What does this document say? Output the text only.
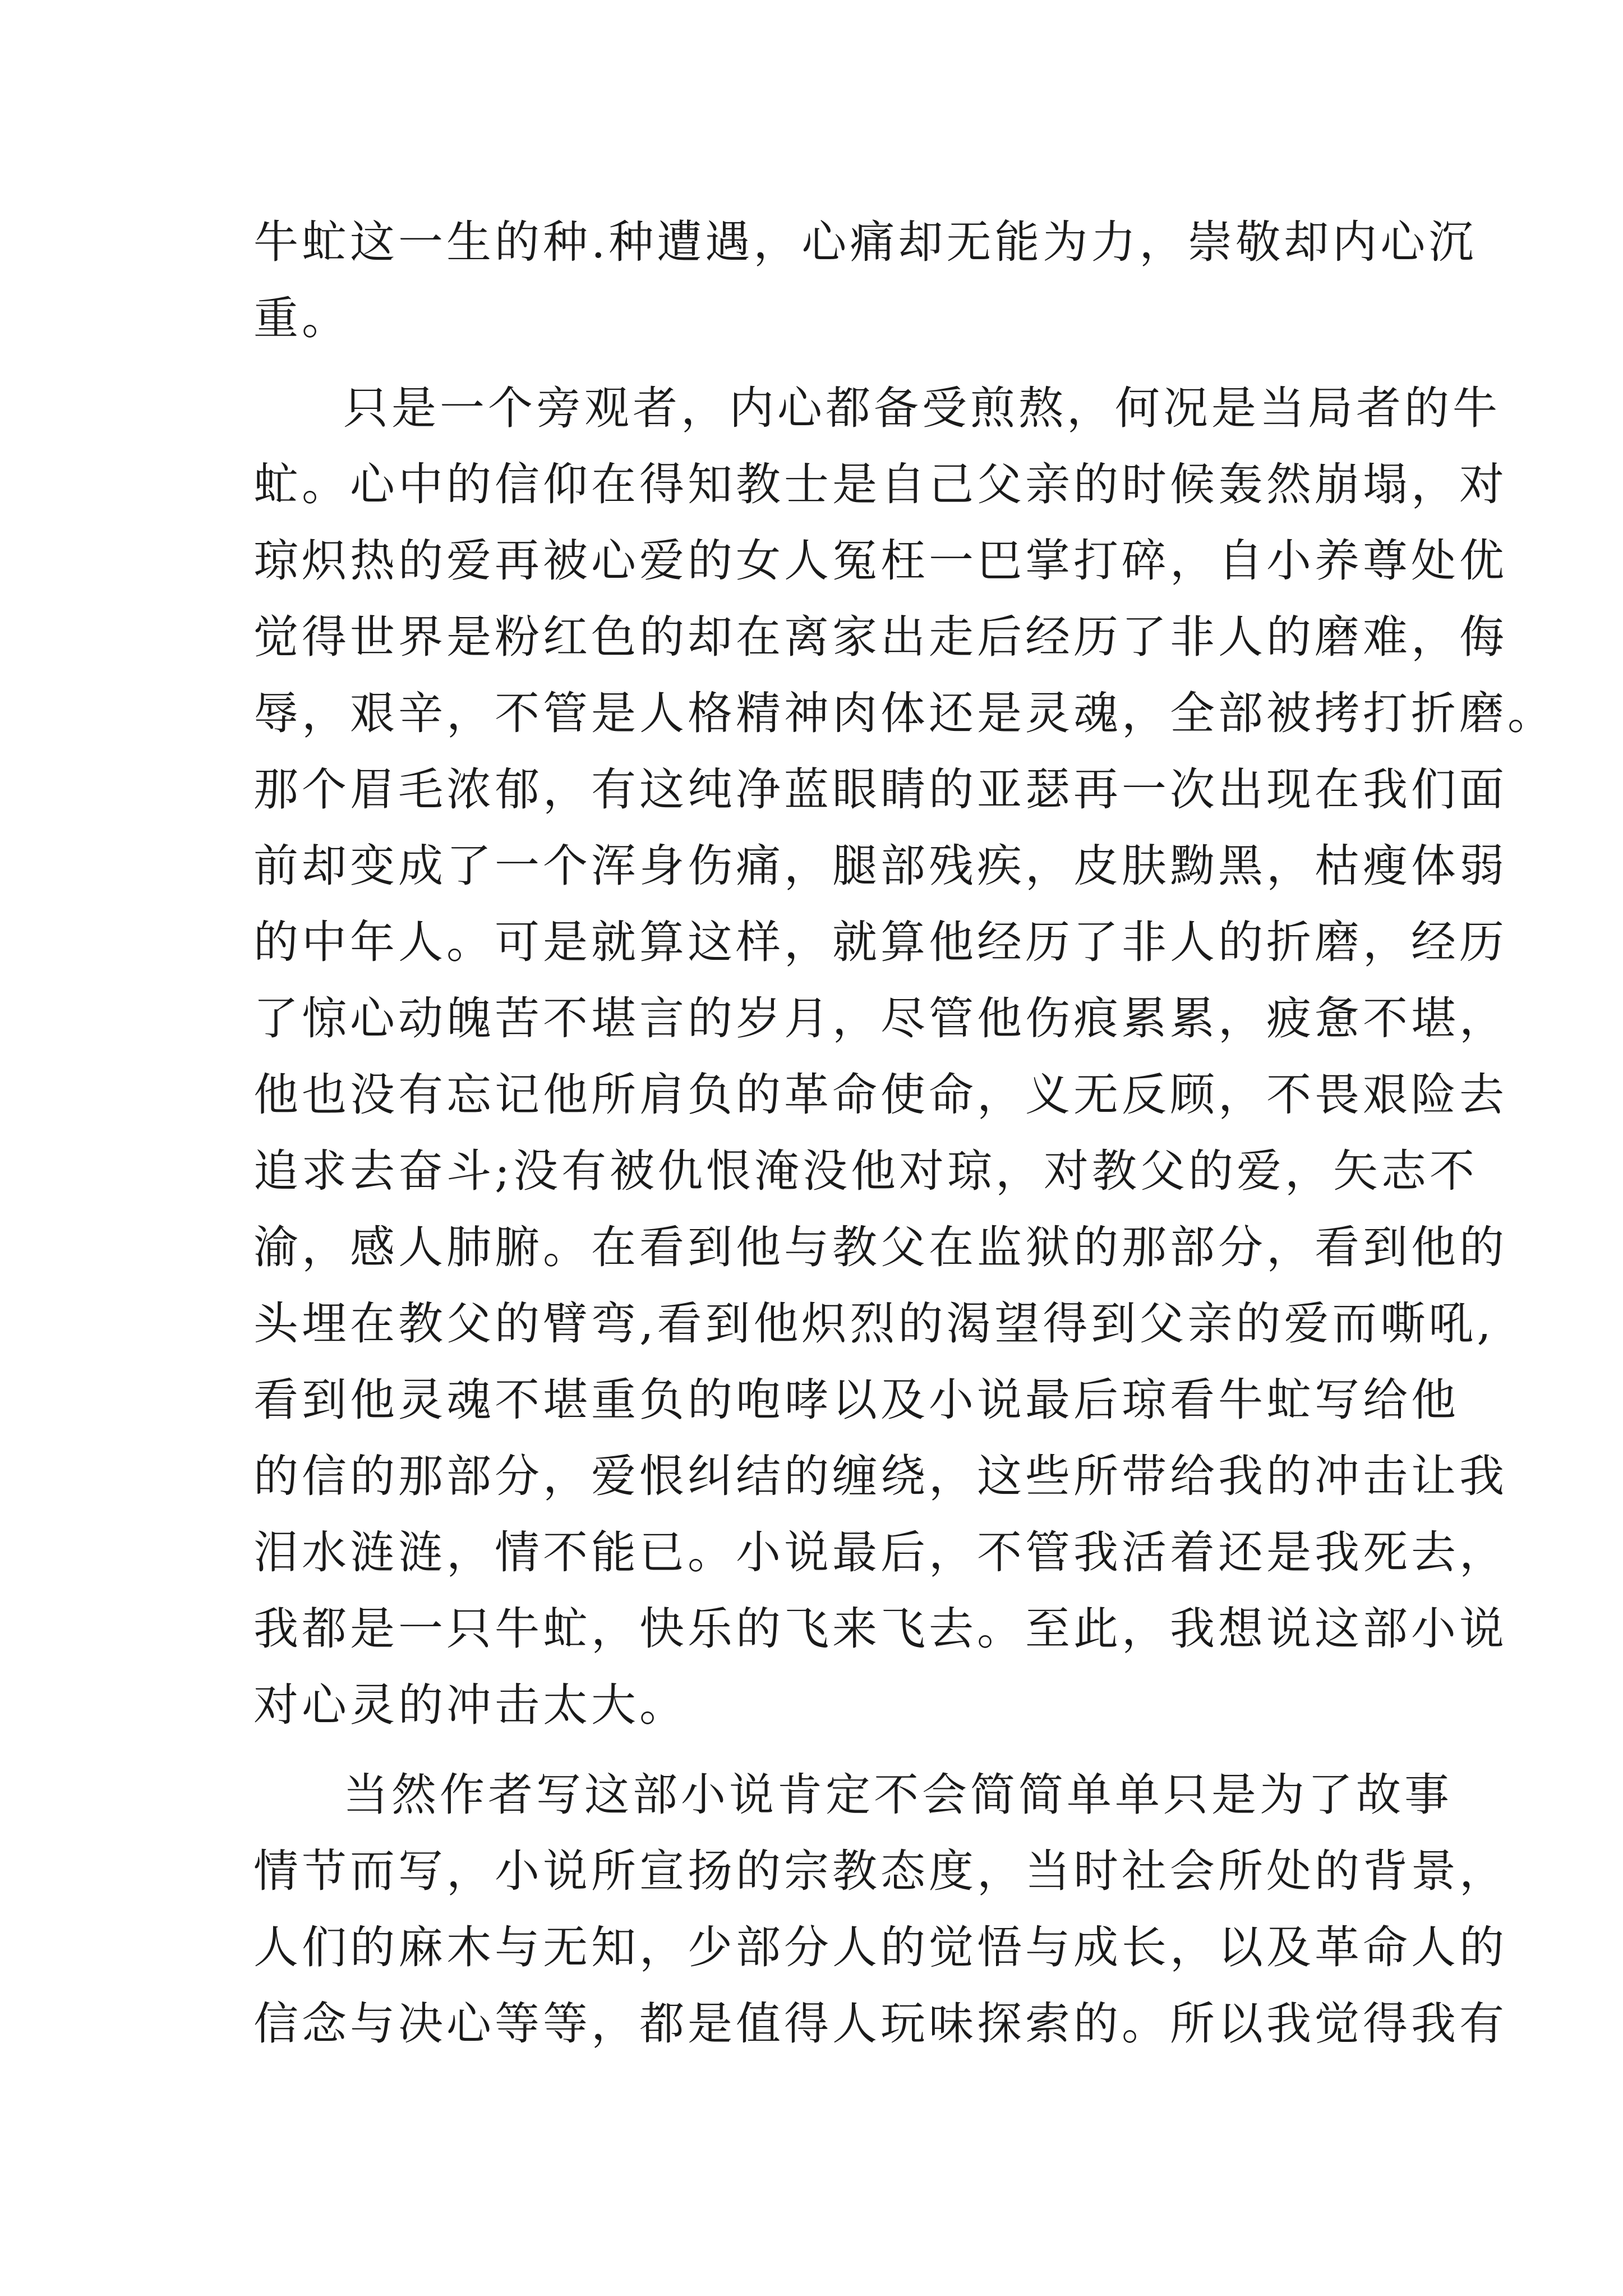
牛虻这一生的种.种遭遇，心痛却无能为力，崇敬却内心沉
重。
只是一个旁观者，内心都备受煎熬，何况是当局者的牛
虻。心中的信仰在得知教士是自己父亲的时候轰然崩塌，对
琼炽热的爱再被心爱的女人冤枉一巴掌打碎，自小养尊处优
觉得世界是粉红色的却在离家出走后经历了非人的磨难，侮
辱，艰辛，不管是人格精神肉体还是灵魂，全部被拷打折磨。
那个眉毛浓郁，有这纯净蓝眼睛的亚瑟再一次出现在我们面
前却变成了一个浑身伤痛，腿部残疾，皮肤黝黑，枯瘦体弱
的中年人。可是就算这样，就算他经历了非人的折磨，经历
了惊心动魄苦不堪言的岁月，尽管他伤痕累累，疲惫不堪，
他也没有忘记他所肩负的革命使命，义无反顾，不畏艰险去
追求去奋斗;没有被仇恨淹没他对琼，对教父的爱，矢志不
渝，感人肺腑。在看到他与教父在监狱的那部分，看到他的
头埋在教父的臂弯,看到他炽烈的渴望得到父亲的爱而嘶吼,
看到他灵魂不堪重负的咆哮以及小说最后琼看牛虻写给他
的信的那部分，爱恨纠结的缠绕，这些所带给我的冲击让我
泪水涟涟，情不能已。小说最后，不管我活着还是我死去，
我都是一只牛虻，快乐的飞来飞去。至此，我想说这部小说
对心灵的冲击太大。
当然作者写这部小说肯定不会简简单单只是为了故事
情节而写，小说所宣扬的宗教态度，当时社会所处的背景，
人们的麻木与无知，少部分人的觉悟与成长，以及革命人的
信念与决心等等，都是值得人玩味探索的。所以我觉得我有
